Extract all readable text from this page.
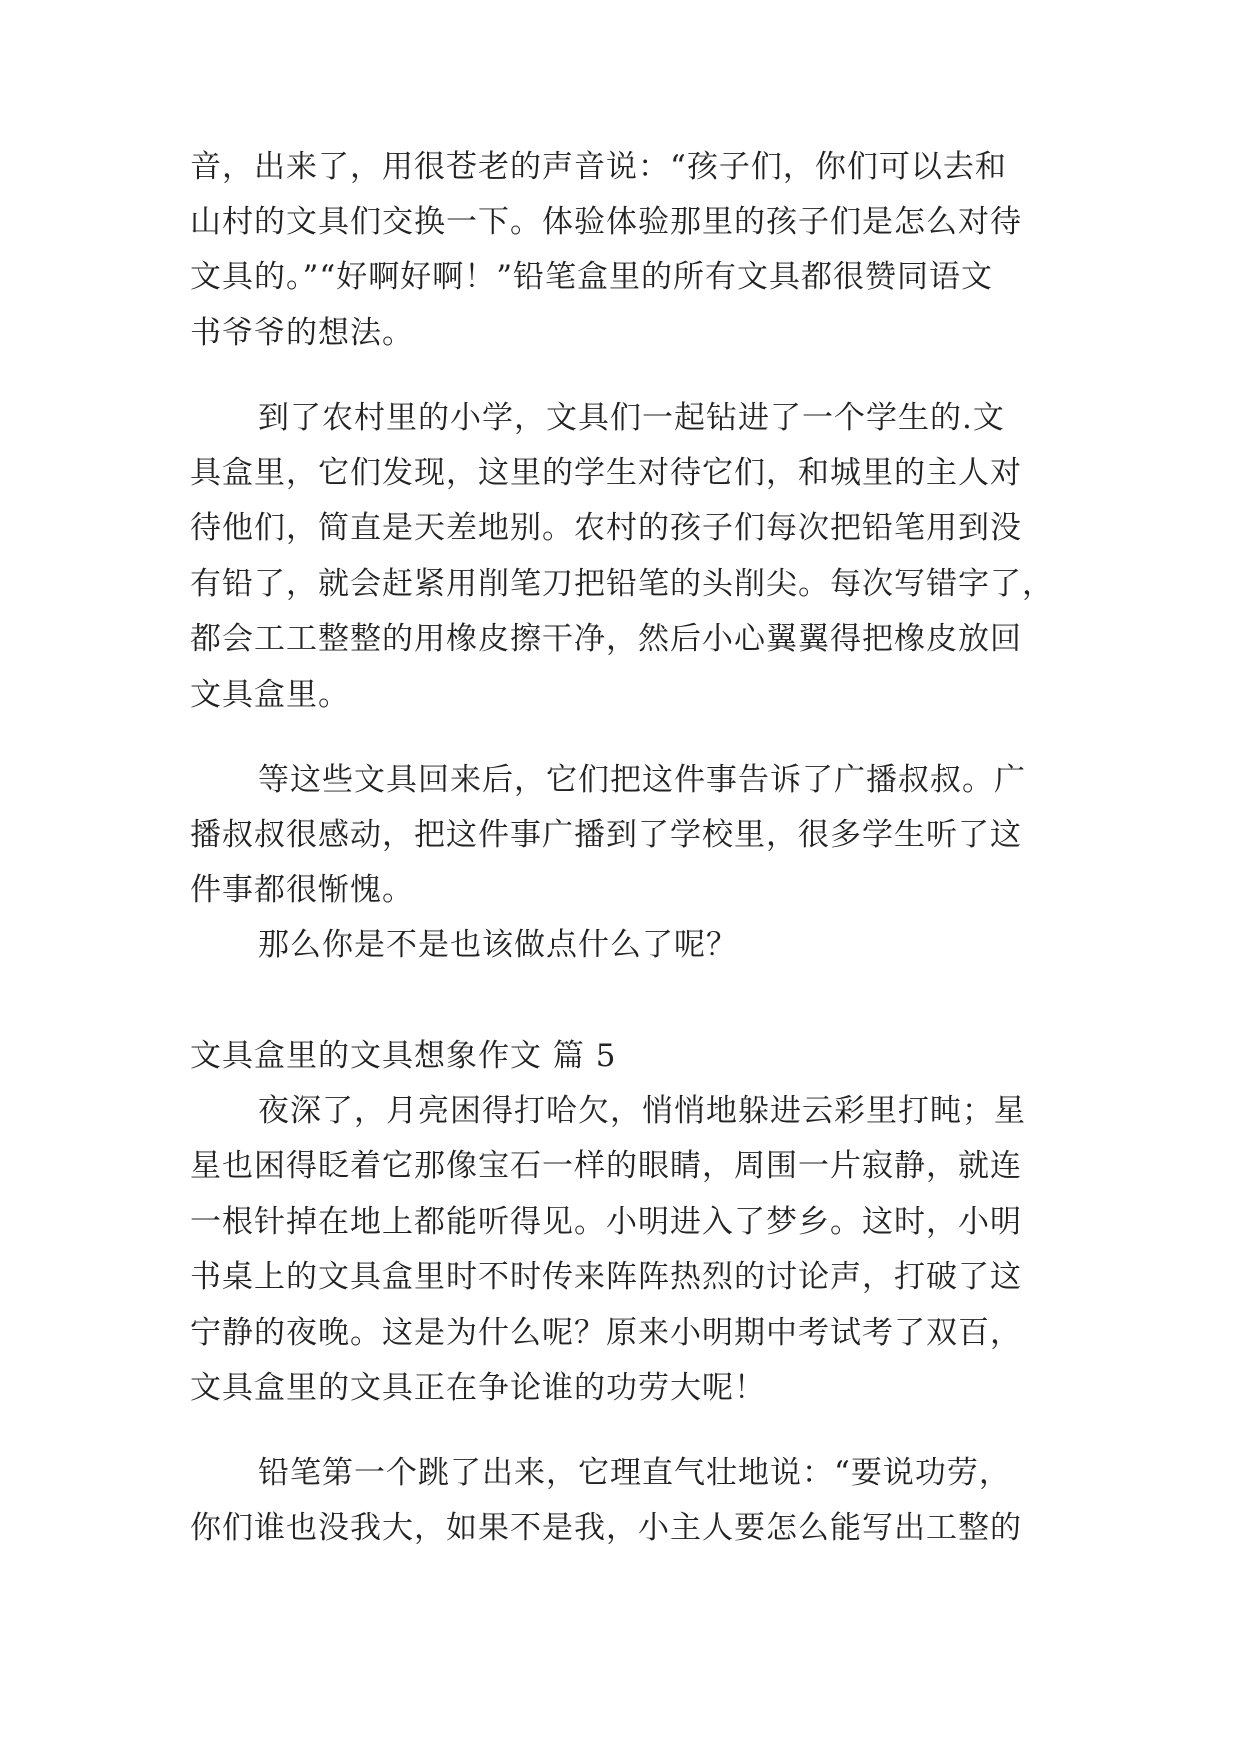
音，出来了，用很苍老的声音说：“孩子们，你们可以去和
山村的文具们交换一下。体验体验那里的孩子们是怎么对待
文具的。”“好啊好啊！”铅笔盒里的所有文具都很赞同语文
书爷爷的想法。
到了农村里的小学，文具们一起钻进了一个学生的.文
具盒里，它们发现，这里的学生对待它们，和城里的主人对
待他们，简直是天差地别。农村的孩子们每次把铅笔用到没
有铅了，就会赶紧用削笔刀把铅笔的头削尖。每次写错字了，
都会工工整整的用橡皮擦干净，然后小心翼翼得把橡皮放回
文具盒里。
等这些文具回来后，它们把这件事告诉了广播叔叔。广
播叔叔很感动，把这件事广播到了学校里，很多学生听了这
件事都很惭愧。
那么你是不是也该做点什么了呢？
文具盒里的文具想象作文 篇 5
夜深了，月亮困得打哈欠，悄悄地躲进云彩里打盹；星
星也困得眨着它那像宝石一样的眼睛，周围一片寂静，就连
一根针掉在地上都能听得见。小明进入了梦乡。这时，小明
书桌上的文具盒里时不时传来阵阵热烈的讨论声，打破了这
宁静的夜晚。这是为什么呢？原来小明期中考试考了双百，
文具盒里的文具正在争论谁的功劳大呢！
铅笔第一个跳了出来，它理直气壮地说：“要说功劳，
你们谁也没我大，如果不是我，小主人要怎么能写出工整的
